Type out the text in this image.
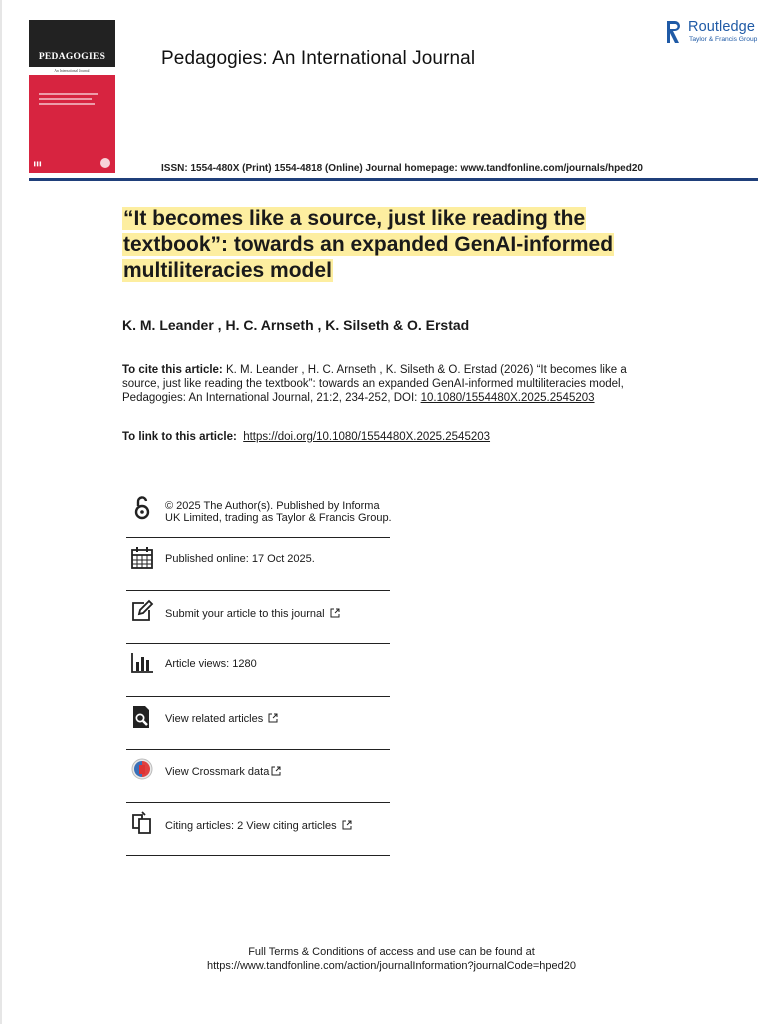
PEDAGOGIES
An International Journal
▌▌▌
Pedagogies: An International Journal
ISSN: 1554-480X (Print) 1554-4818 (Online) Journal homepage: www.tandfonline.com/journals/hped20
Routledge
Taylor & Francis Group
“It becomes like a source, just like reading the textbook”: towards an expanded GenAI-informed multiliteracies model
K. M. Leander , H. C. Arnseth , K. Silseth & O. Erstad
To cite this article: K. M. Leander , H. C. Arnseth , K. Silseth & O. Erstad (2026) “It becomes like a source, just like reading the textbook”: towards an expanded GenAI-informed multiliteracies model, Pedagogies: An International Journal, 21:2, 234-252, DOI: 10.1080/1554480X.2025.2545203
To link to this article: https://doi.org/10.1080/1554480X.2025.2545203
© 2025 The Author(s). Published by Informa UK Limited, trading as Taylor & Francis Group.
Published online: 17 Oct 2025.
Submit your article to this journal
Article views: 1280
View related articles
View Crossmark data
Citing articles: 2 View citing articles
Full Terms & Conditions of access and use can be found at
https://www.tandfonline.com/action/journalInformation?journalCode=hped20
